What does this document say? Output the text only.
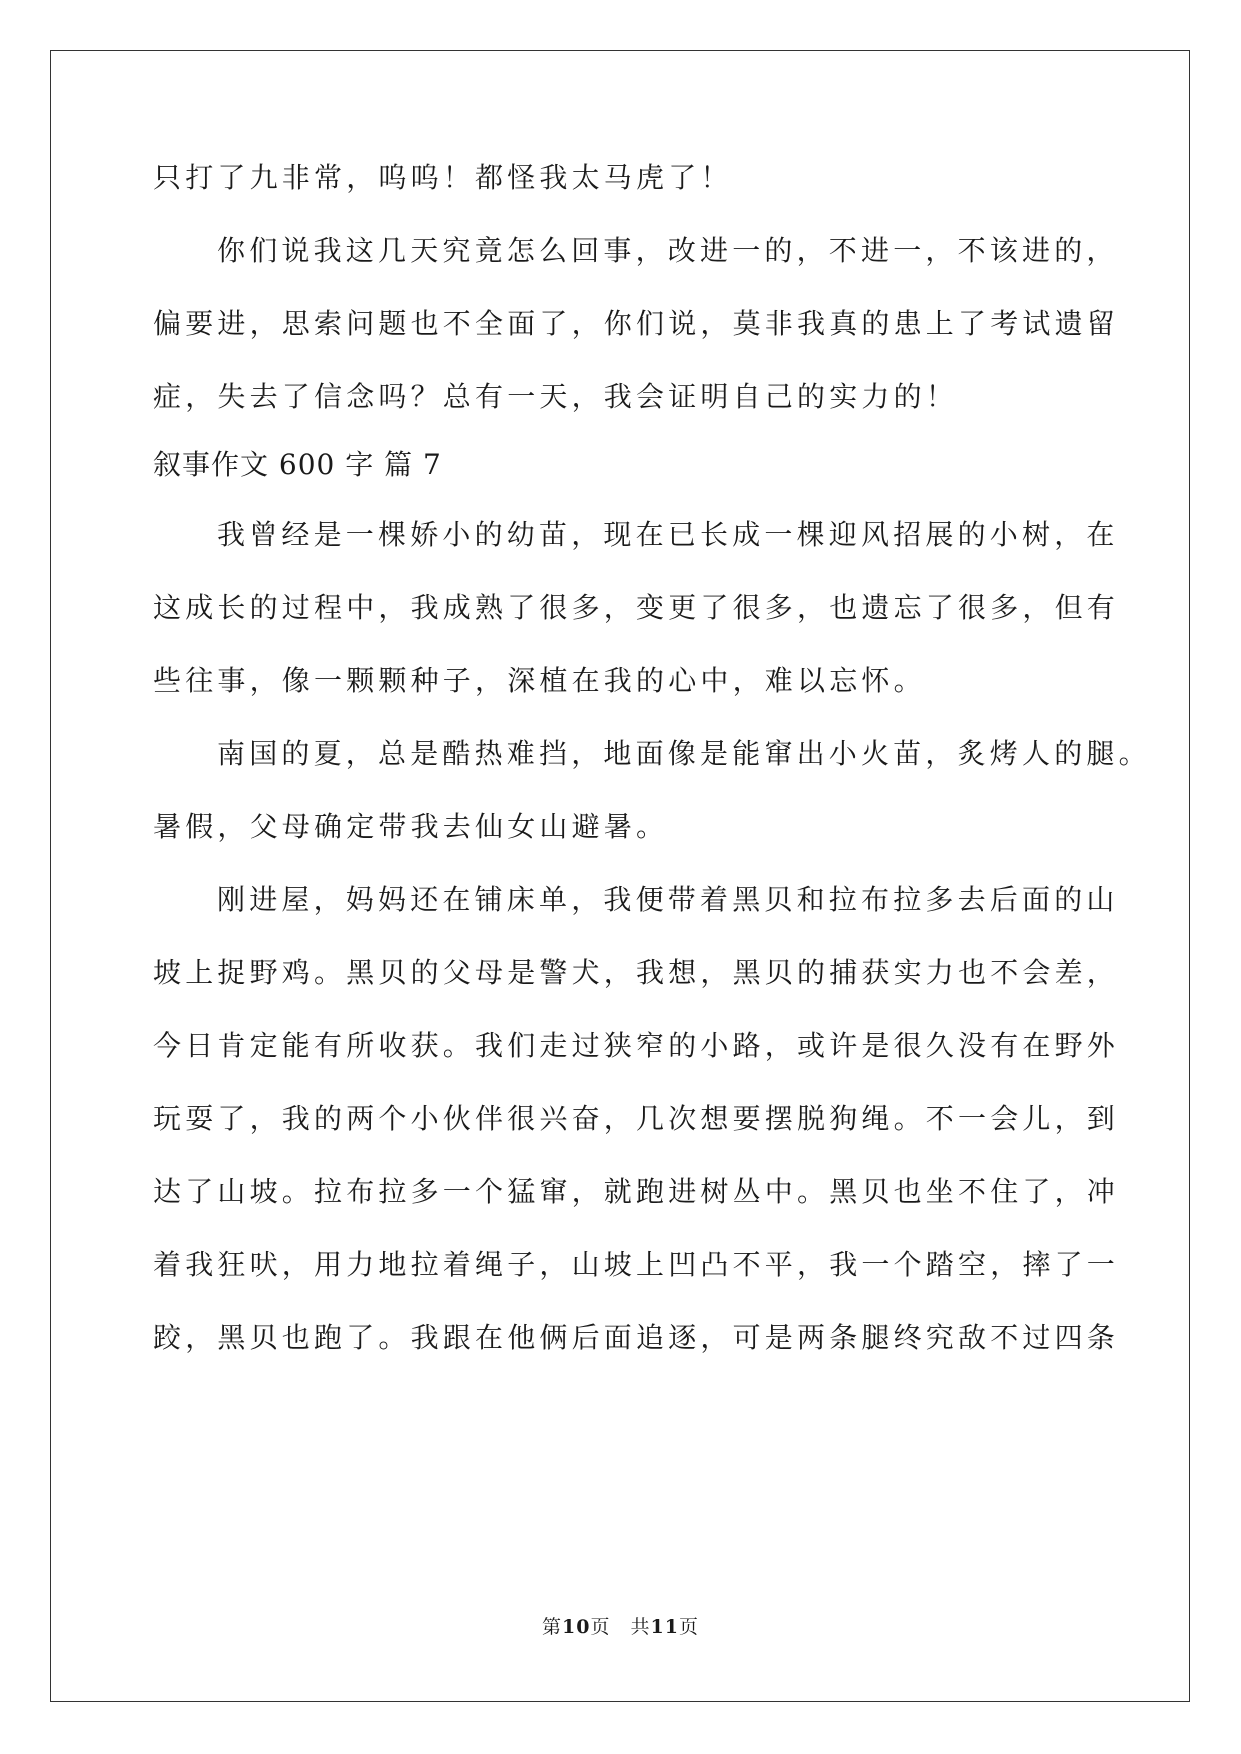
只打了九非常，呜呜！都怪我太马虎了！
你们说我这几天究竟怎么回事，改进一的，不进一，不该进的，
偏要进，思索问题也不全面了，你们说，莫非我真的患上了考试遗留
症，失去了信念吗？总有一天，我会证明自己的实力的！
叙事作文 600 字 篇 7
我曾经是一棵娇小的幼苗，现在已长成一棵迎风招展的小树，在
这成长的过程中，我成熟了很多，变更了很多，也遗忘了很多，但有
些往事，像一颗颗种子，深植在我的心中，难以忘怀。
南国的夏，总是酷热难挡，地面像是能窜出小火苗，炙烤人的腿。
暑假，父母确定带我去仙女山避暑。
刚进屋，妈妈还在铺床单，我便带着黑贝和拉布拉多去后面的山
坡上捉野鸡。黑贝的父母是警犬，我想，黑贝的捕获实力也不会差，
今日肯定能有所收获。我们走过狭窄的小路，或许是很久没有在野外
玩耍了，我的两个小伙伴很兴奋，几次想要摆脱狗绳。不一会儿，到
达了山坡。拉布拉多一个猛窜，就跑进树丛中。黑贝也坐不住了，冲
着我狂吠，用力地拉着绳子，山坡上凹凸不平，我一个踏空，摔了一
跤，黑贝也跑了。我跟在他俩后面追逐，可是两条腿终究敌不过四条
第10页　共11页
